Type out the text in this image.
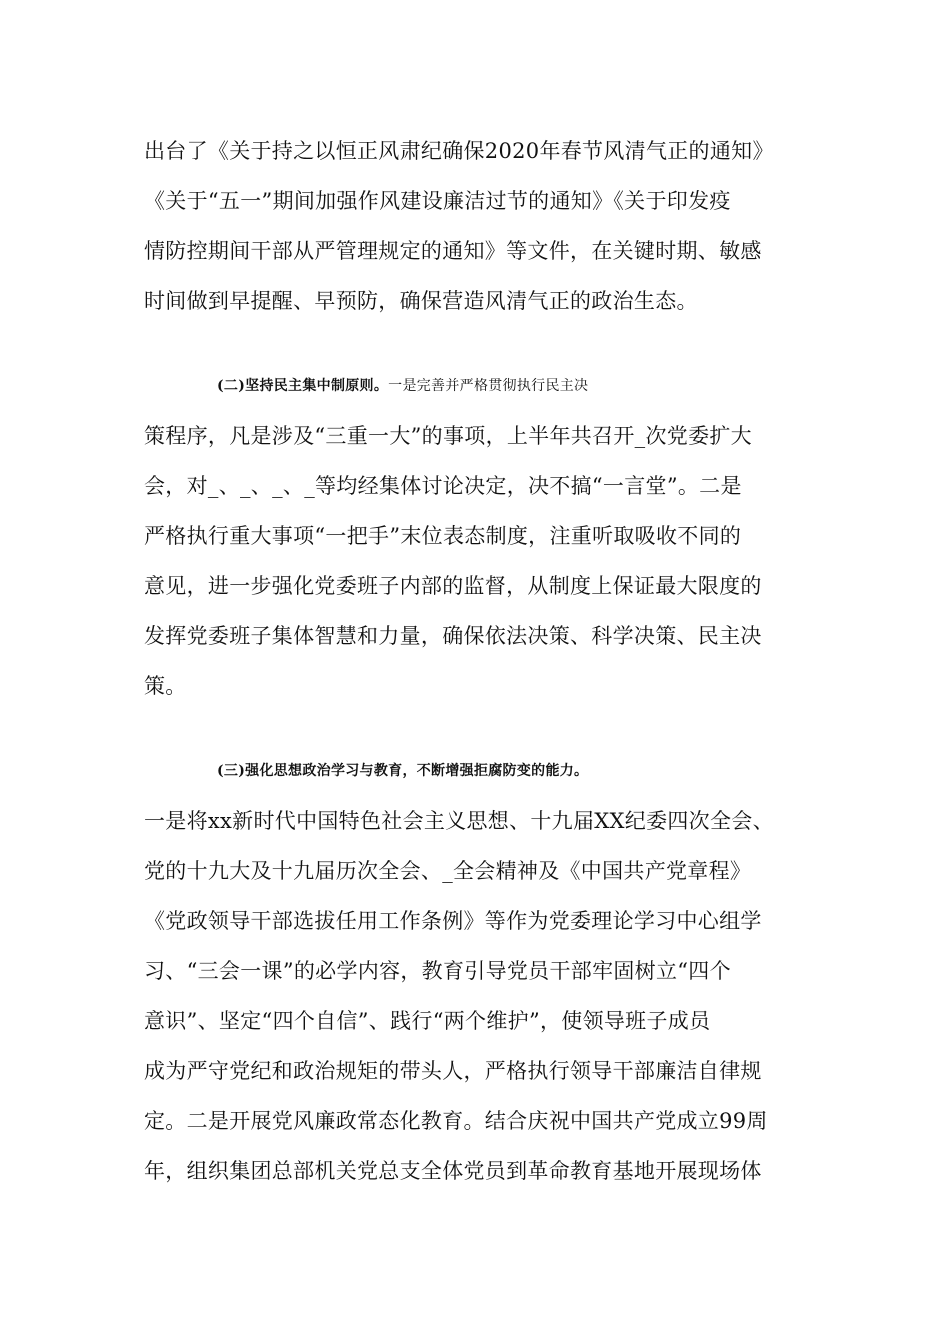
出台了《关于持之以恒正风肃纪确保2020年春节风清气正的通知》
《关于“五一”期间加强作风建设廉洁过节的通知》《关于印发疫
情防控期间干部从严管理规定的通知》等文件，在关键时期、敏感
时间做到早提醒、早预防，确保营造风清气正的政治生态。
(二)坚持民主集中制原则。一是完善并严格贯彻执行民主决
策程序，凡是涉及“三重一大”的事项，上半年共召开_次党委扩大
会，对_、_、_、_等均经集体讨论决定，决不搞“一言堂”。二是
严格执行重大事项“一把手”末位表态制度，注重听取吸收不同的
意见，进一步强化党委班子内部的监督，从制度上保证最大限度的
发挥党委班子集体智慧和力量，确保依法决策、科学决策、民主决
策。
(三)强化思想政治学习与教育，不断增强拒腐防变的能力。
一是将xx新时代中国特色社会主义思想、十九届XX纪委四次全会、
党的十九大及十九届历次全会、_全会精神及《中国共产党章程》
《党政领导干部选拔任用工作条例》等作为党委理论学习中心组学
习、“三会一课”的必学内容，教育引导党员干部牢固树立“四个
意识”、坚定“四个自信”、践行“两个维护”，使领导班子成员
成为严守党纪和政治规矩的带头人，严格执行领导干部廉洁自律规
定。二是开展党风廉政常态化教育。结合庆祝中国共产党成立99周
年，组织集团总部机关党总支全体党员到革命教育基地开展现场体
